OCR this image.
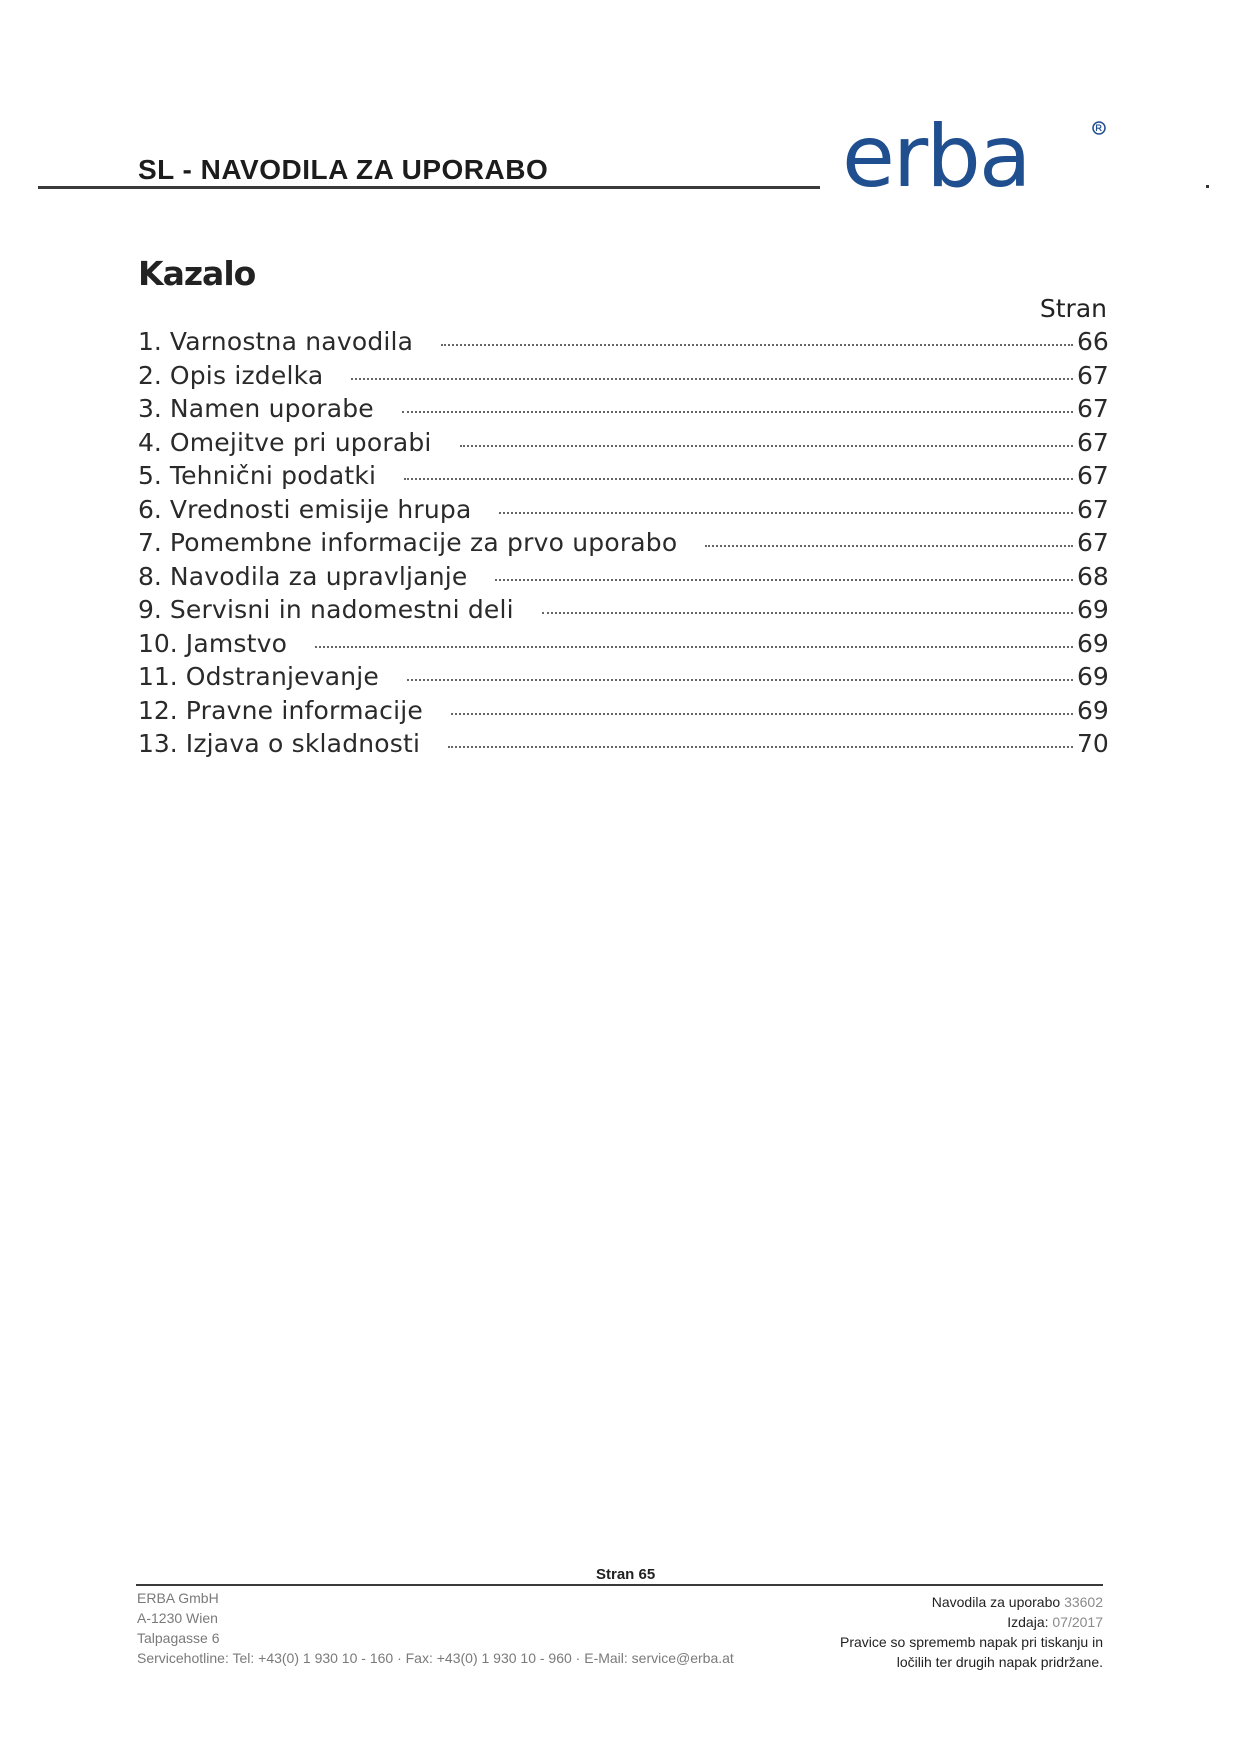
SL - NAVODILA ZA UPORABO	erba
Kazalo
Stran
1. Varnostna navodila	66
2. Opis izdelka	67
3. Namen uporabe	67
4. Omejitve pri uporabi	67
5. Tehnični podatki	67
6. Vrednosti emisije hrupa	67
7. Pomembne informacije za prvo uporabo	67
8. Navodila za upravljanje	68
9. Servisni in nadomestni deli	69
10. Jamstvo	69
11. Odstranjevanje	69
12. Pravne informacije	69
13. Izjava o skladnosti	70
Stran 65
ERBA GmbH
A-1230 Wien
Talpagasse 6
Servicehotline: Tel: +43(0) 1 930 10 - 160 · Fax: +43(0) 1 930 10 - 960 · E-Mail: service@erba.at
Navodila za uporabo 33602
Izdaja: 07/2017
Pravice so sprememb napak pri tiskanju in
ločilih ter drugih napak pridržane.
